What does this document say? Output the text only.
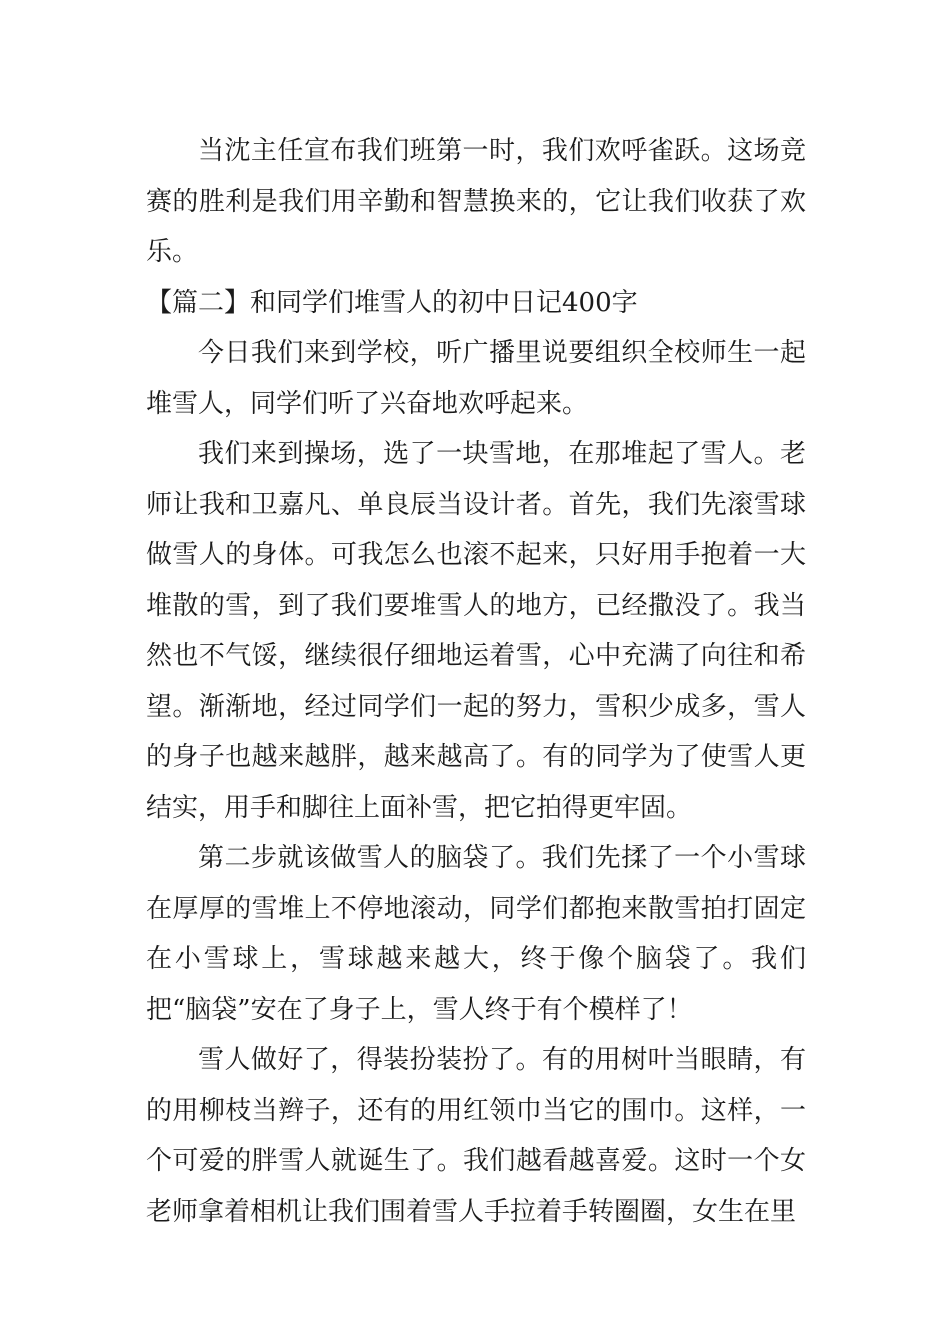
当沈主任宣布我们班第一时，我们欢呼雀跃。这场竞赛的胜利是我们用辛勤和智慧换来的，它让我们收获了欢乐。

【篇二】和同学们堆雪人的初中日记400字

今日我们来到学校，听广播里说要组织全校师生一起堆雪人，同学们听了兴奋地欢呼起来。

我们来到操场，选了一块雪地，在那堆起了雪人。老师让我和卫嘉凡、单良辰当设计者。首先，我们先滚雪球做雪人的身体。可我怎么也滚不起来，只好用手抱着一大堆散的雪，到了我们要堆雪人的地方，已经撒没了。我当然也不气馁，继续很仔细地运着雪，心中充满了向往和希望。渐渐地，经过同学们一起的努力，雪积少成多，雪人的身子也越来越胖，越来越高了。有的同学为了使雪人更结实，用手和脚往上面补雪，把它拍得更牢固。

第二步就该做雪人的脑袋了。我们先揉了一个小雪球在厚厚的雪堆上不停地滚动，同学们都抱来散雪拍打固定在小雪球上，雪球越来越大，终于像个脑袋了。我们把“脑袋”安在了身子上，雪人终于有个模样了！

雪人做好了，得装扮装扮了。有的用树叶当眼睛，有的用柳枝当辫子，还有的用红领巾当它的围巾。这样，一个可爱的胖雪人就诞生了。我们越看越喜爱。这时一个女老师拿着相机让我们围着雪人手拉着手转圈圈，女生在里
